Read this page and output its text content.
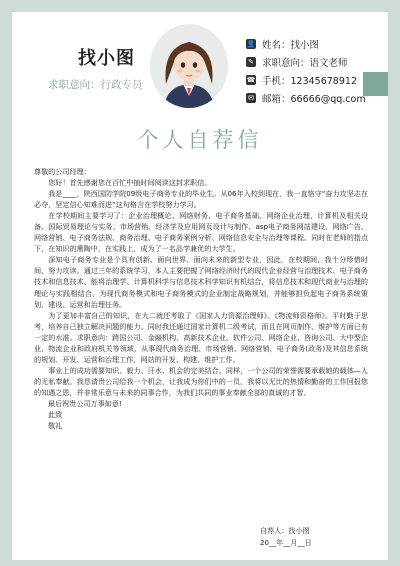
找小图
求职意向：行政专员
👤 姓名：找小图
✎ 求职意向：语文老师
☎ 手机：12345678912
✉ 邮箱：66666@qq.com
个人自荐信

尊敬的公司经理：

您好！首先感谢您在百忙中抽时间阅读这封求职信。

我是____，陕西国防学院09级电子商务专业的毕业生。从06年入校到现在，我一直恪守“奋力攻坚志在必夺，坚定信心知难而进”这句格言在学校努力学习。

在学校期间主要学习了：企业治理概论、网络财务、电子商务基础、网络企业治理、计算机及相关设备、国际贸易理论与实务、市场营销、经济学及应用网页设计与制作、asp电子商务网站建设、网络广告、网络营销、电子商务法规、商务治理、电子商务案例分析、网络信息安全与治理等课程。同时在老师的指点下，在知识的熏陶中，在实践上，成为了一名品学兼优的大学生。

深知电子商务专业是个具有创新、面向世界、面向未来的新型专业，因此，在校期间，我十分珍惜时间，努力攻读。通过三年的系统学习，本人主要把握了网络经济时代的现代企业经营与治理技术、电子商务技术和信息技术。能将治理学、计算机科学与信息技术科学知识有机结合，将信息技术和现代商业与治理的理论与实践相结合，为现代商务模式和电子商务模式的企业制定战略规划，并能够担负起电子商务系统策划、建设、运营和治理任务。

为了更加丰富自己的知识，在大二就还考取了《国家人力资源治理师》、《物流师资格师》。平时勤于思考，培养自己独立解决问题的能力。同时我还通过国家计算机二级考试，而且在网页制作、维护等方面已有一定的水准。求职意向：跨国公司、金融机构、高新技术企业、软件公司、网络企业、咨询公司、大中型企业、物流企业和政府机关等领域，从事现代商务治理、市场营销、网络营销，电子商务(政务)及其信息系统的规划、开发、运营和治理工作，网站的开发、构建、维护工作。

事业上的成功需要知识、毅力、汗水、机会的完美结合。同样，一个公司的荣誉需要承载她的载体—人的无私奉献。我恳请贵公司给我一个机会，让我成为你们中的一员，我将以无比的热情和勤奋的工作回报您的知遇之恩，并非常乐意与未来的同事合作，为我们共同的事业奉献全部的真诚的才智。

最后祝贵公司万事如意!

此致

敬礼

自荐人：找小图
20__年__月__日
